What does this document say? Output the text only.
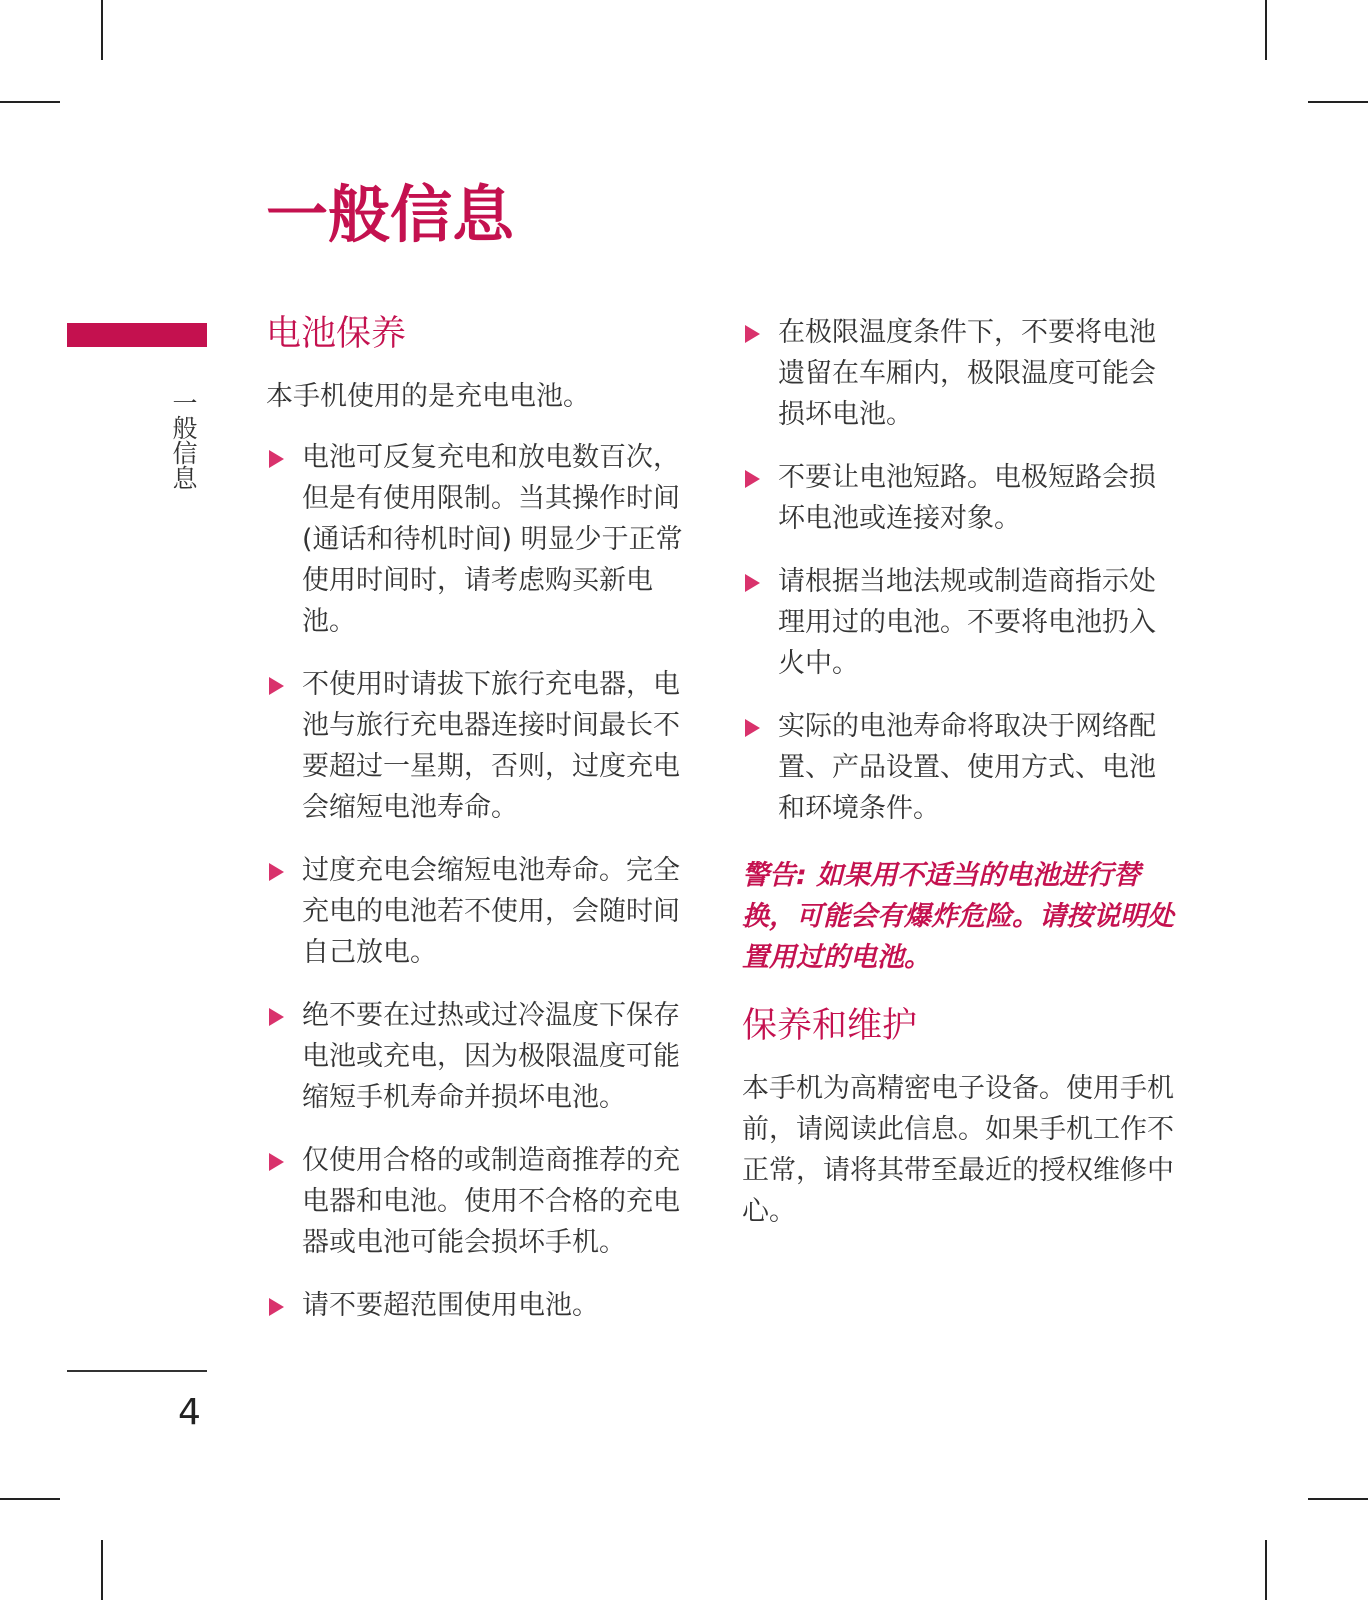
一般信息
一般信息
4
电池保养

本手机使用的是充电电池。

电池可反复充电和放电数百次，但是有使用限制。当其操作时间(通话和待机时间) 明显少于正常使用时间时，请考虑购买新电池。
不使用时请拔下旅行充电器，电池与旅行充电器连接时间最长不要超过一星期，否则，过度充电会缩短电池寿命。
过度充电会缩短电池寿命。完全充电的电池若不使用，会随时间自己放电。
绝不要在过热或过冷温度下保存电池或充电，因为极限温度可能缩短手机寿命并损坏电池。
仅使用合格的或制造商推荐的充电器和电池。使用不合格的充电器或电池可能会损坏手机。
请不要超范围使用电池。
在极限温度条件下，不要将电池遗留在车厢内，极限温度可能会损坏电池。
不要让电池短路。电极短路会损坏电池或连接对象。
请根据当地法规或制造商指示处理用过的电池。不要将电池扔入火中。
实际的电池寿命将取决于网络配置、产品设置、使用方式、电池和环境条件。

警告: 如果用不适当的电池进行替换，可能会有爆炸危险。请按说明处置用过的电池。

保养和维护

本手机为高精密电子设备。使用手机前，请阅读此信息。如果手机工作不正常，请将其带至最近的授权维修中心。
